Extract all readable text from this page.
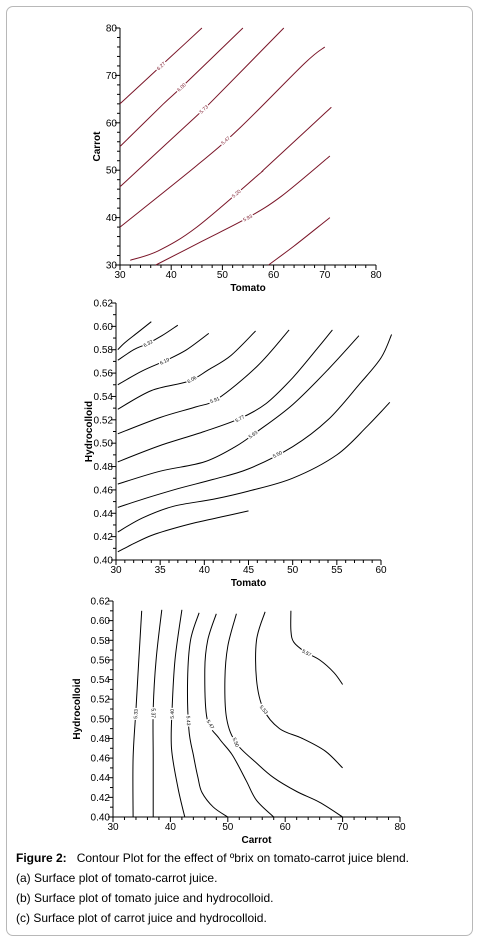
30	40	50	60	70	80
30
40
50
60
70
80
Tomato
Carrot
6.27
6.00
5.73
5.47
5.20
5.93
30	35	40	45	50	55	60
0.40
0.42
0.44
0.46
0.48
0.50
0.52
0.54
0.56
0.58
0.60
0.62
Tomato
Hydrocolloid
6.32
6.19
6.06
5.91
5.77
5.63
5.50
30	40	50	60	70	80
0.40
0.42
0.44
0.46
0.48
0.50
0.52
0.54
0.56
0.58
0.60
0.62
Carrot
Hydrocolloid	5.33 5.37	5.40
5.43	5.47
5.50
5.53
5.57
Figure 2: Contour Plot for the effect of ºbrix on tomato-carrot juice blend.
(a) Surface plot of tomato-carrot juice.
(b) Surface plot of tomato juice and hydrocolloid.
(c) Surface plot of carrot juice and hydrocolloid.
